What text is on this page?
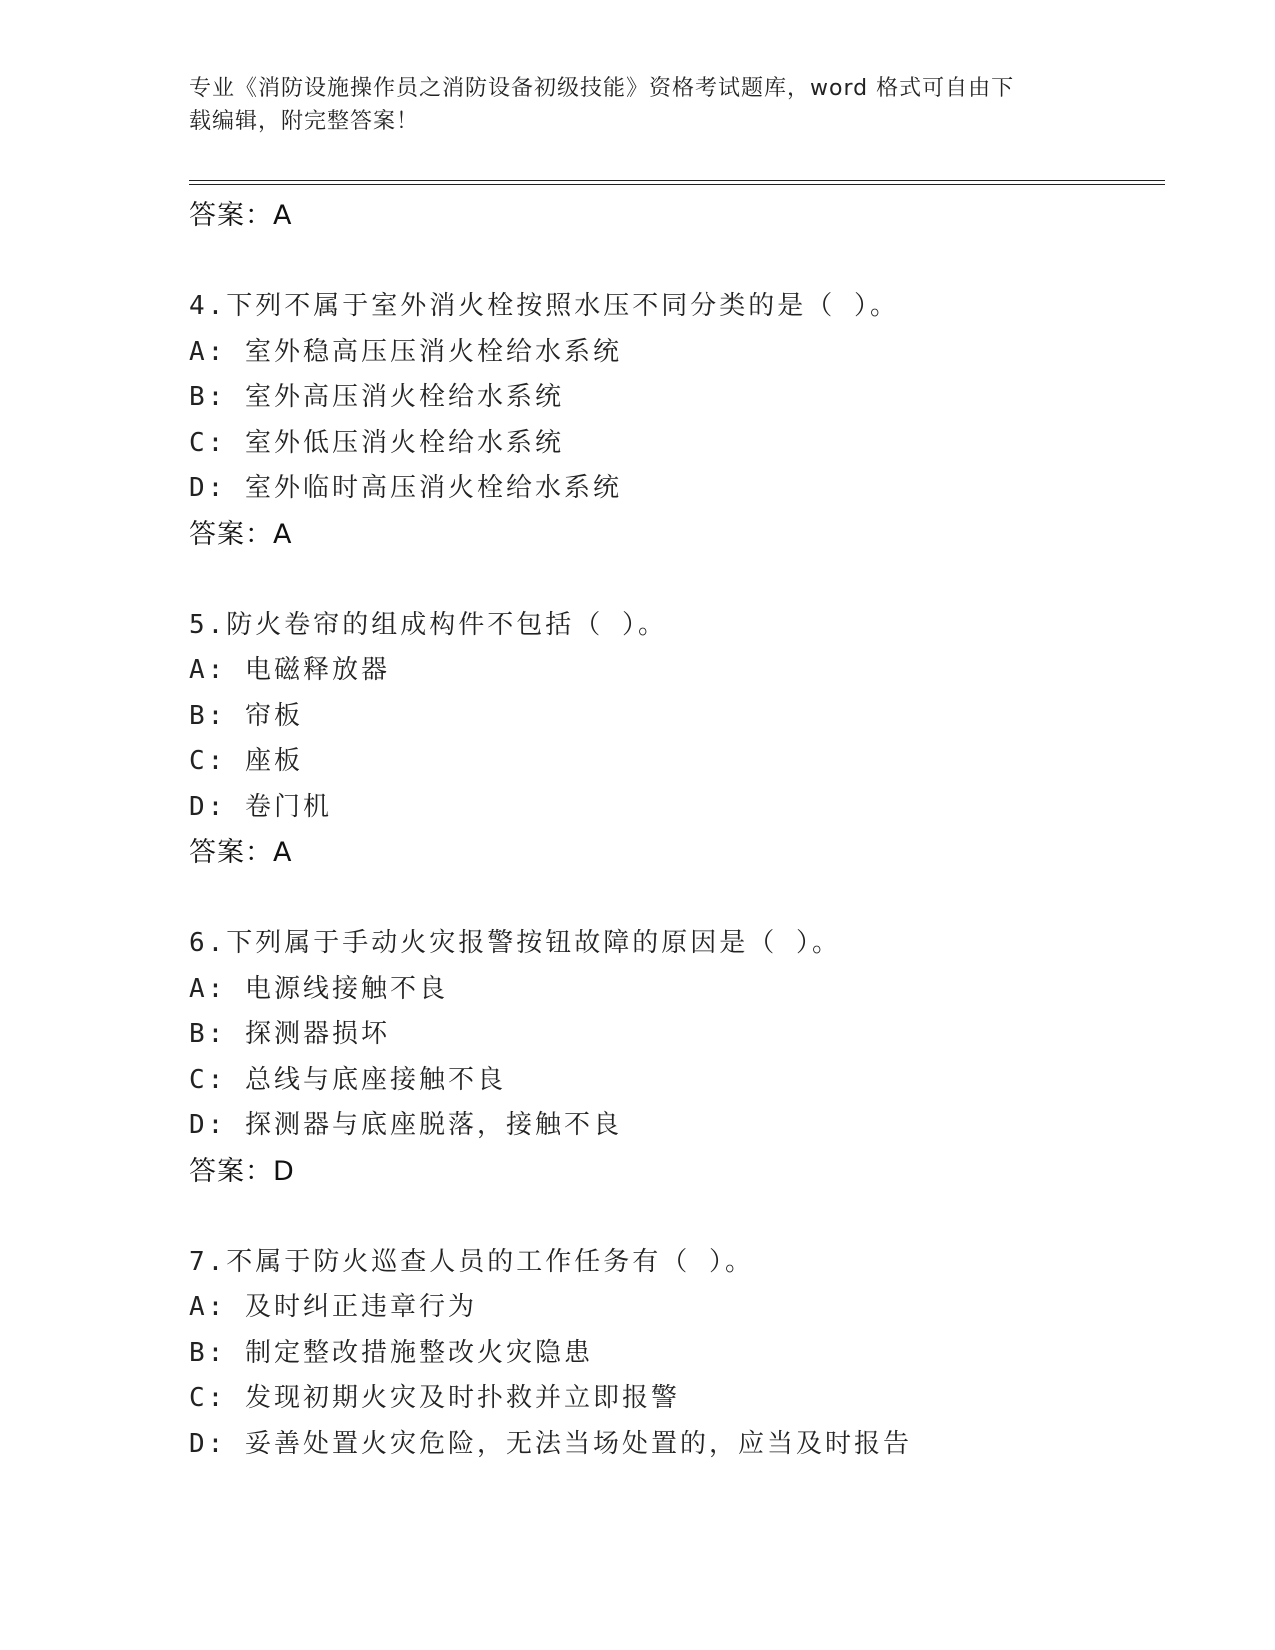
专业《消防设施操作员之消防设备初级技能》资格考试题库，word 格式可自由下
载编辑，附完整答案！
答案：A
4.下列不属于室外消火栓按照水压不同分类的是（ ）。
A: 室外稳高压压消火栓给水系统
B: 室外高压消火栓给水系统
C: 室外低压消火栓给水系统
D: 室外临时高压消火栓给水系统
答案：A
5.防火卷帘的组成构件不包括（ ）。
A: 电磁释放器
B: 帘板
C: 座板
D: 卷门机
答案：A
6.下列属于手动火灾报警按钮故障的原因是（ ）。
A: 电源线接触不良
B: 探测器损坏
C: 总线与底座接触不良
D: 探测器与底座脱落，接触不良
答案：D
7.不属于防火巡查人员的工作任务有（ ）。
A: 及时纠正违章行为
B: 制定整改措施整改火灾隐患
C: 发现初期火灾及时扑救并立即报警
D: 妥善处置火灾危险，无法当场处置的，应当及时报告
